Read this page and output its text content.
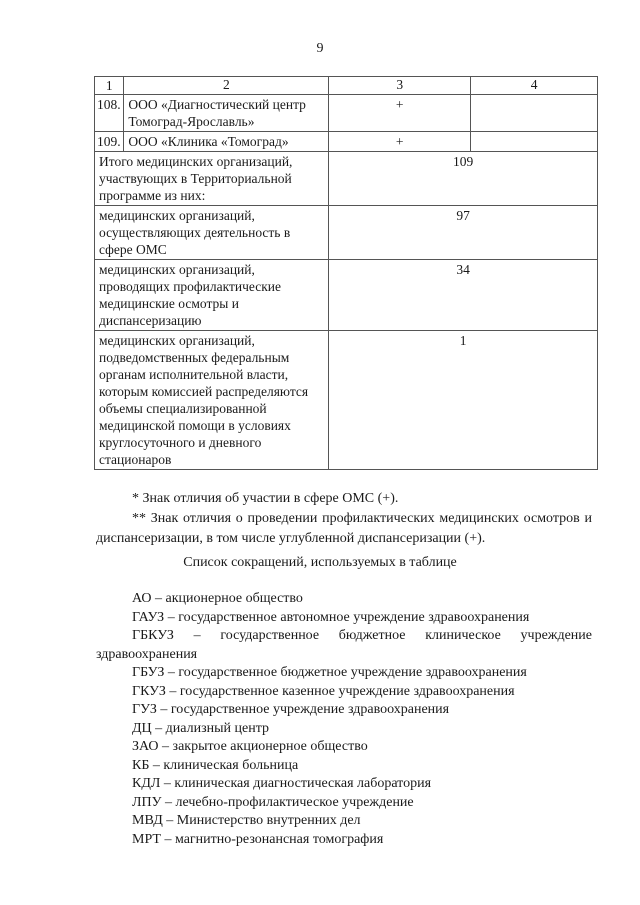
9
1	2	3	4
108.	ООО «Диагностический центр Томоград-Ярославль»	+	
109.	ООО «Клиника «Томоград»	+	
Итого медицинских организаций, участвующих в Территориальной программе из них:		109	
медицинских организаций, осуществляющих деятельность в сфере ОМС		97	
медицинских организаций, проводящих профилактические медицинские осмотры и диспансеризацию		34	
медицинских организаций, подведомственных федеральным органам исполнительной власти, которым комиссией распределяются объемы специализированной медицинской помощи в условиях круглосуточного и дневного стационаров		1	

* Знак отличия об участии в сфере ОМС (+).

** Знак отличия о проведении профилактических медицинских осмотров и диспансеризации, в том числе углубленной диспансеризации (+).

Список сокращений, используемых в таблице
АО – акционерное общество
ГАУЗ – государственное автономное учреждение здравоохранения
ГБКУЗ – государственное бюджетное клиническое учреждение
здравоохранения
ГБУЗ – государственное бюджетное учреждение здравоохранения
ГКУЗ – государственное казенное учреждение здравоохранения
ГУЗ – государственное учреждение здравоохранения
ДЦ – диализный центр
ЗАО – закрытое акционерное общество
КБ – клиническая больница
КДЛ – клиническая диагностическая лаборатория
ЛПУ – лечебно-профилактическое учреждение
МВД – Министерство внутренних дел
МРТ – магнитно-резонансная томография
